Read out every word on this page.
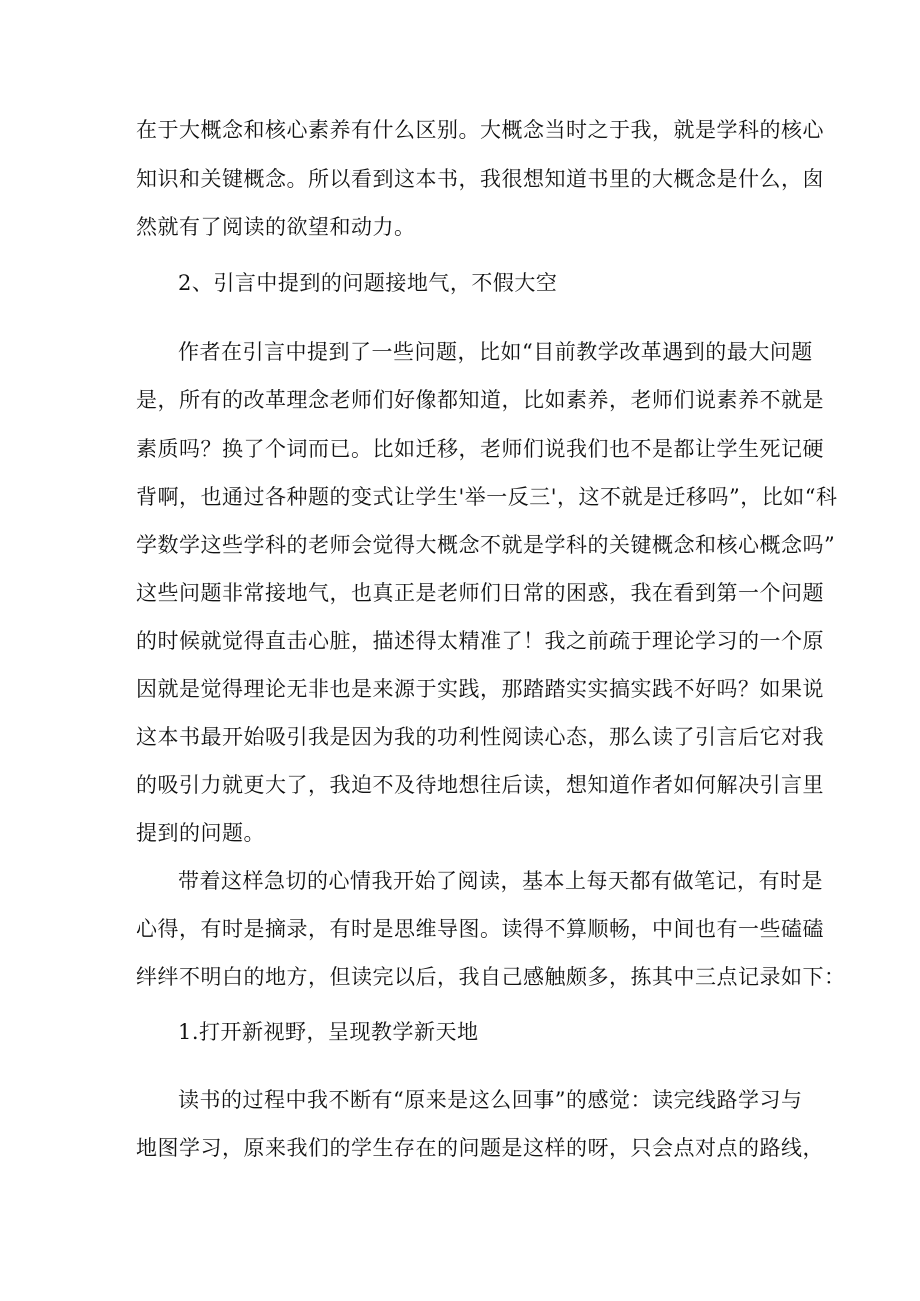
在于大概念和核心素养有什么区别。大概念当时之于我，就是学科的核心
知识和关键概念。所以看到这本书，我很想知道书里的大概念是什么，囱
然就有了阅读的欲望和动力。
2、引言中提到的问题接地气，不假大空
作者在引言中提到了一些问题，比如“目前教学改革遇到的最大问题
是，所有的改革理念老师们好像都知道，比如素养，老师们说素养不就是
素质吗？换了个词而已。比如迁移，老师们说我们也不是都让学生死记硬
背啊，也通过各种题的变式让学生'举一反三'，这不就是迁移吗”，比如“科
学数学这些学科的老师会觉得大概念不就是学科的关键概念和核心概念吗”
这些问题非常接地气，也真正是老师们日常的困惑，我在看到第一个问题
的时候就觉得直击心脏，描述得太精准了！我之前疏于理论学习的一个原
因就是觉得理论无非也是来源于实践，那踏踏实实搞实践不好吗？如果说
这本书最开始吸引我是因为我的功利性阅读心态，那么读了引言后它对我
的吸引力就更大了，我迫不及待地想往后读，想知道作者如何解决引言里
提到的问题。
带着这样急切的心情我开始了阅读，基本上每天都有做笔记，有时是
心得，有时是摘录，有时是思维导图。读得不算顺畅，中间也有一些磕磕
绊绊不明白的地方，但读完以后，我自己感触颇多，拣其中三点记录如下：
1.打开新视野，呈现教学新天地
读书的过程中我不断有“原来是这么回事”的感觉：读完线路学习与
地图学习，原来我们的学生存在的问题是这样的呀，只会点对点的路线，
